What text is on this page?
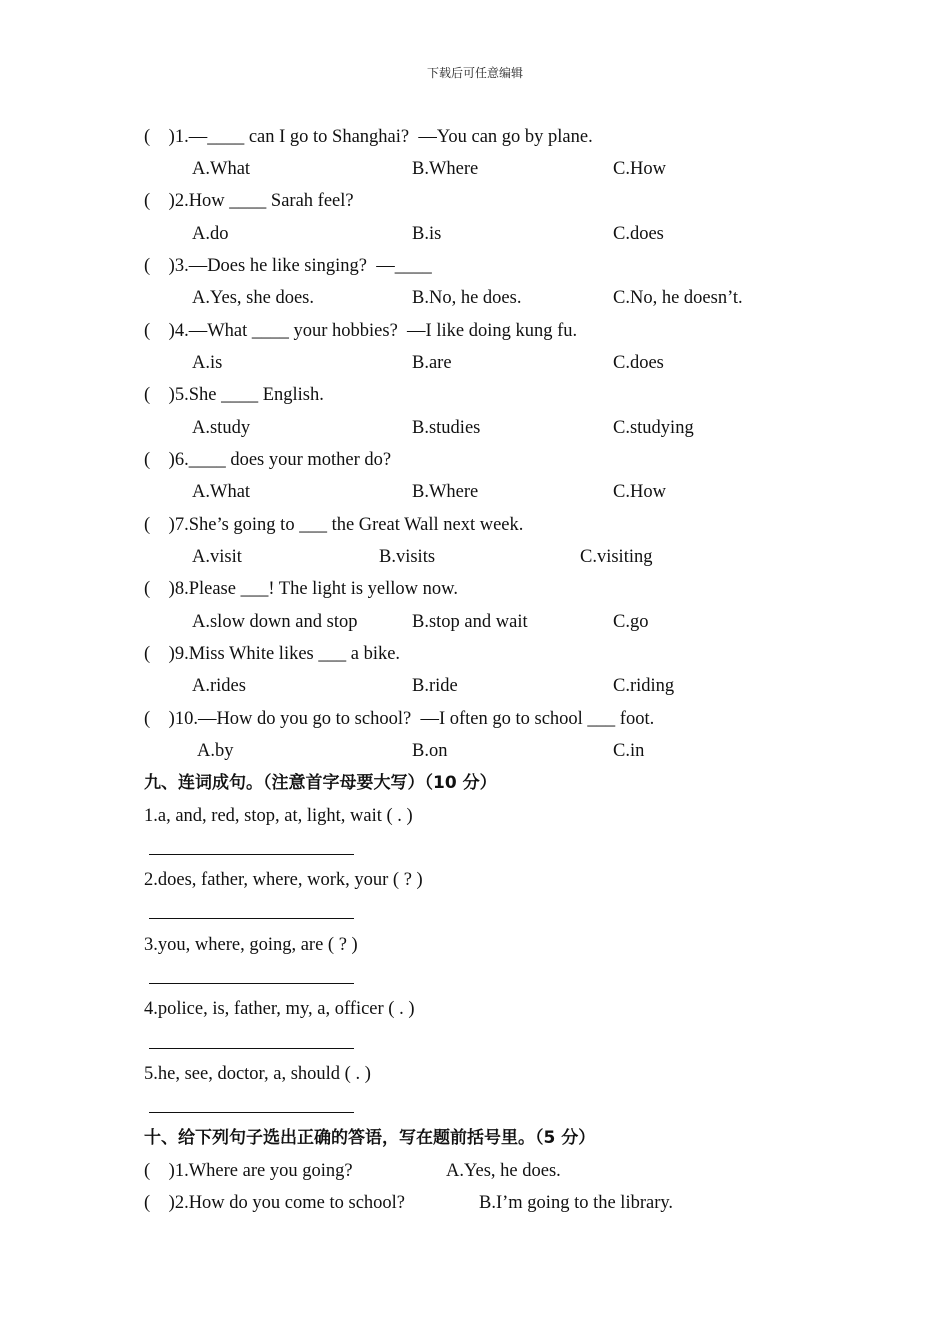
下载后可任意编辑
(    )1.—____ can I go to Shanghai?  —You can go by plane.
A.What	B.Where	C.How
(    )2.How ____ Sarah feel?
A.do	B.is	C.does
(    )3.—Does he like singing?  —____
A.Yes, she does.	B.No, he does.	C.No, he doesn’t.
(    )4.—What ____ your hobbies?  —I like doing kung fu.
A.is	B.are	C.does
(    )5.She ____ English.
A.study	B.studies	C.studying
(    )6.____ does your mother do?
A.What	B.Where	C.How
(    )7.She’s going to ___ the Great Wall next week.
A.visit	B.visits	C.visiting
(    )8.Please ___! The light is yellow now.
A.slow down and stop	B.stop and wait	C.go
(    )9.Miss White likes ___ a bike.
A.rides	B.ride	C.riding
(    )10.—How do you go to school?  —I often go to school ___ foot.
A.by	B.on	C.in
九、连词成句。（注意首字母要大写）（10 分）
1.a, and, red, stop, at, light, wait ( . )
2.does, father, where, work, your ( ? )
3.you, where, going, are ( ? )
4.police, is, father, my, a, officer ( . )
5.he, see, doctor, a, should ( . )
十、给下列句子选出正确的答语，写在题前括号里。（5 分）
(    )1.Where are you going?	A.Yes, he does.
(    )2.How do you come to school?	B.I’m going to the library.
